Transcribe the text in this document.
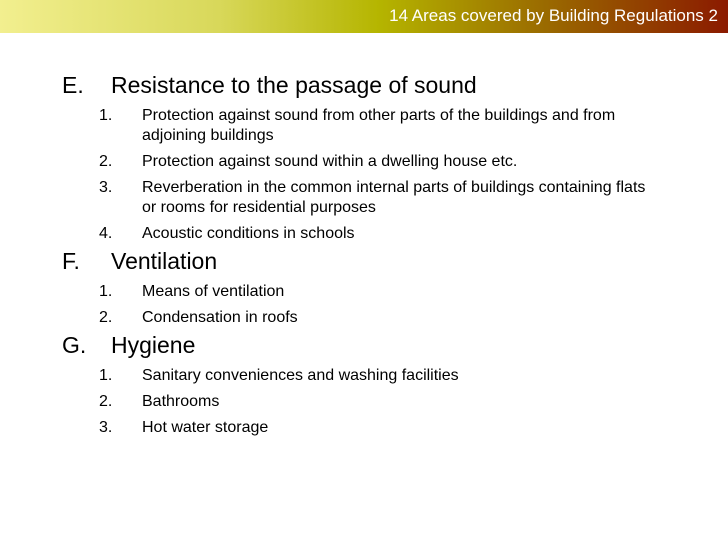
14 Areas covered by Building Regulations 2
E. Resistance to the passage of sound
1. Protection against sound from other parts of the buildings and from adjoining buildings
2. Protection against sound within a dwelling house etc.
3. Reverberation in the common internal parts of buildings containing flats or rooms for residential purposes
4. Acoustic conditions in schools
F. Ventilation
1. Means of ventilation
2. Condensation in roofs
G. Hygiene
1. Sanitary conveniences and washing facilities
2. Bathrooms
3. Hot water storage
